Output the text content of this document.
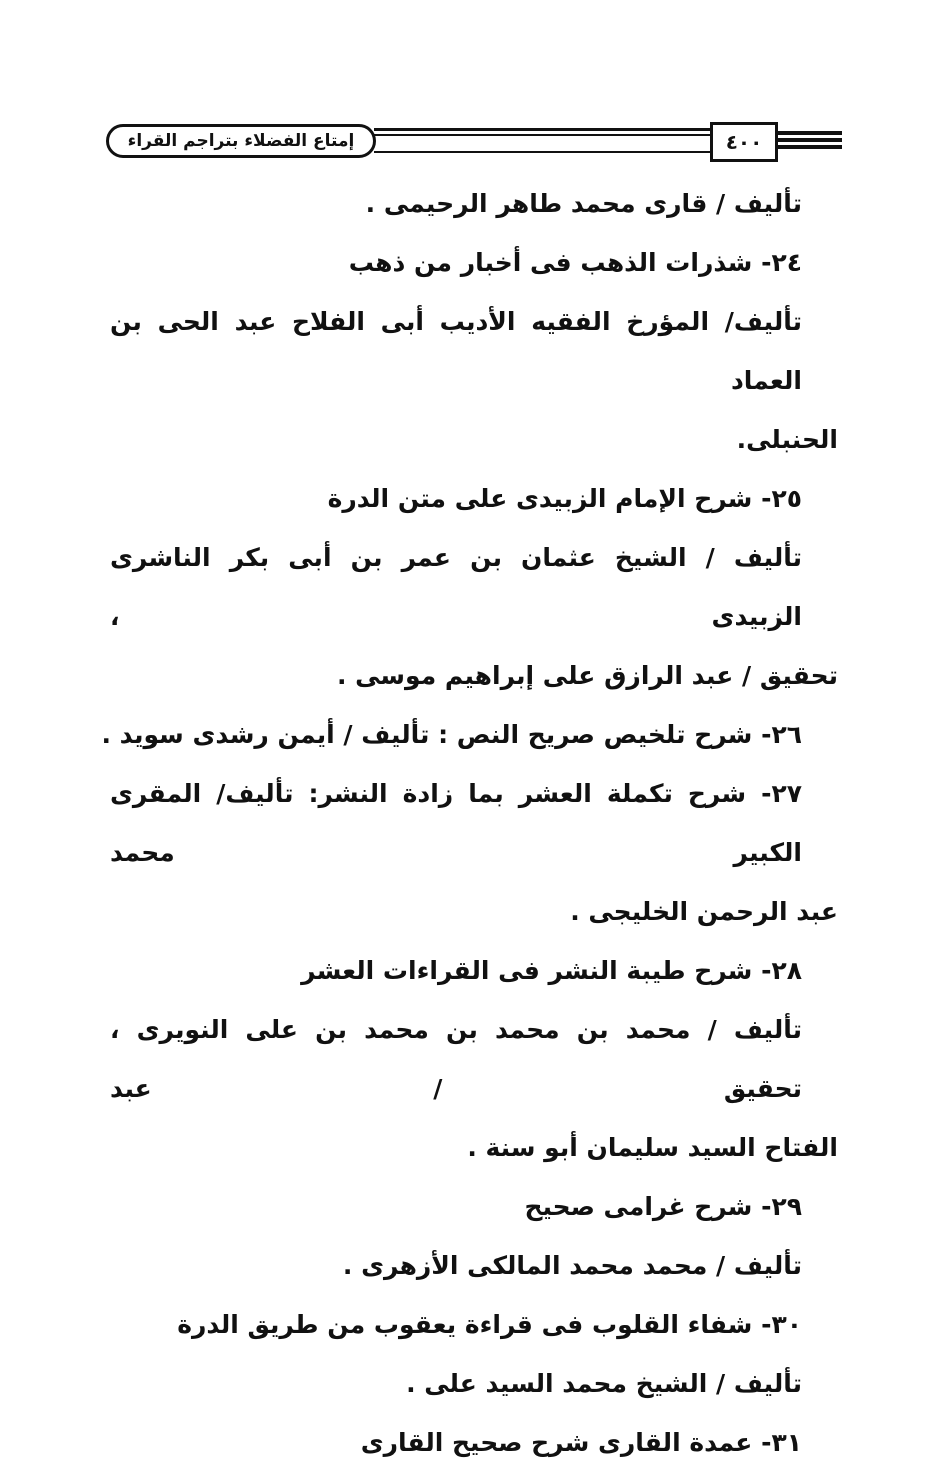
إمتاع الفضلاء بتراجم القراء	٤٠٠
تأليف / قارى محمد طاهر الرحيمى .
٢٤- شذرات الذهب فى أخبار من ذهب
تأليف/ المؤرخ الفقيه الأديب أبى الفلاح عبد الحى بن العماد
الحنبلى.
٢٥- شرح الإمام الزبيدى على متن الدرة
تأليف / الشيخ عثمان بن عمر بن أبى بكر الناشرى الزبيدى ،
تحقيق / عبد الرازق على إبراهيم موسى .
٢٦- شرح تلخيص صريح النص : تأليف / أيمن رشدى سويد .
٢٧- شرح تكملة العشر بما زادة النشر: تأليف/ المقرى الكبير محمد
عبد الرحمن الخليجى .
٢٨- شرح طيبة النشر فى القراءات العشر
تأليف / محمد بن محمد بن محمد بن على النويرى ، تحقيق / عبد
الفتاح السيد سليمان أبو سنة .
٢٩- شرح غرامى صحيح
تأليف / محمد محمد المالكى الأزهرى .
٣٠- شفاء القلوب فى قراءة يعقوب من طريق الدرة
تأليف / الشيخ محمد السيد على .
٣١- عمدة القارى شرح صحيح القارى
